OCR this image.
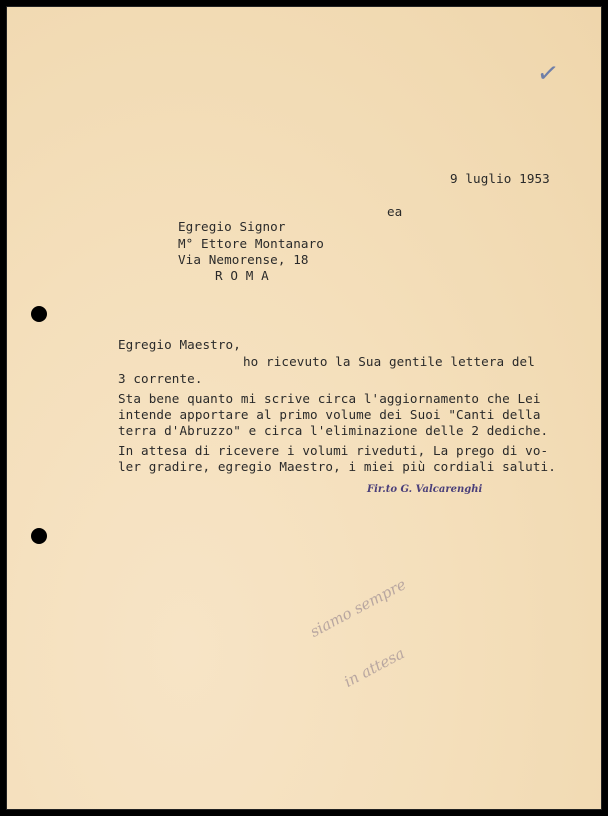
✓
9 luglio 1953
ea
Egregio Signor
M° Ettore Montanaro
Via Nemorense, 18
R O M A
Egregio Maestro,
ho ricevuto la Sua gentile lettera del
3 corrente.
Sta bene quanto mi scrive circa l'aggiornamento che Lei
intende apportare al primo volume dei Suoi "Canti della
terra d'Abruzzo" e circa l'eliminazione delle 2 dediche.
In attesa di ricevere i volumi riveduti, La prego di vo-
ler gradire, egregio Maestro, i miei più cordiali saluti.
Fir.to G. Valcarenghi
siamo sempre
in attesa
